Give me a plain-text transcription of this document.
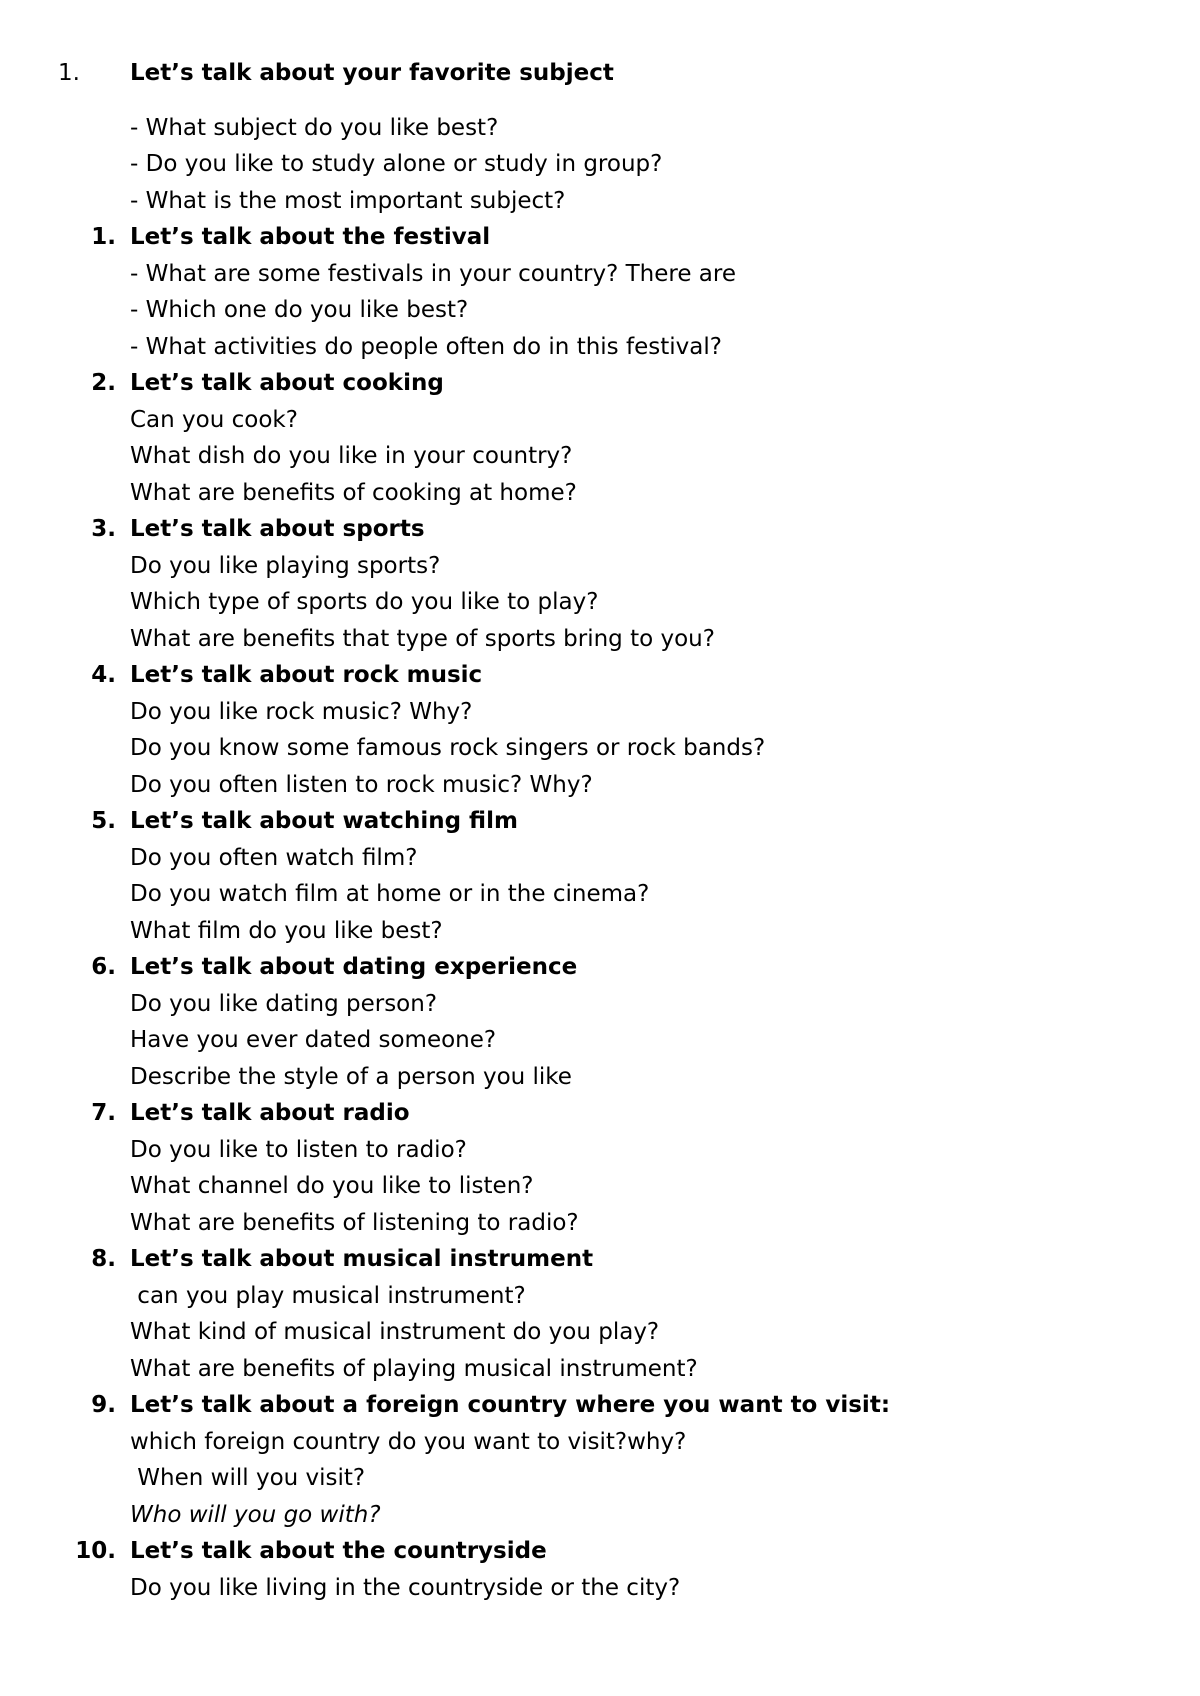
1. Let’s talk about your favorite subject
- What subject do you like best?
- Do you like to study alone or study in group?
- What is the most important subject?
1. Let’s talk about the festival
- What are some festivals in your country? There are
- Which one do you like best?
- What activities do people often do in this festival?
2. Let’s talk about cooking
Can you cook?
What dish do you like in your country?
What are benefits of cooking at home?
3. Let’s talk about sports
Do you like playing sports?
Which type of sports do you like to play?
What are benefits that type of sports bring to you?
4. Let’s talk about rock music
Do you like rock music? Why?
Do you know some famous rock singers or rock bands?
Do you often listen to rock music? Why?
5. Let’s talk about watching film
Do you often watch film?
Do you watch film at home or in the cinema?
What film do you like best?
6. Let’s talk about dating experience
Do you like dating person?
Have you ever dated someone?
Describe the style of a person you like
7. Let’s talk about radio
Do you like to listen to radio?
What channel do you like to listen?
What are benefits of listening to radio?
8. Let’s talk about musical instrument
can you play musical instrument?
What kind of musical instrument do you play?
What are benefits of playing musical instrument?
9. Let’s talk about a foreign country where you want to visit:
which foreign country do you want to visit?why?
When will you visit?
Who will you go with?
10. Let’s talk about the countryside
Do you like living in the countryside or the city?
